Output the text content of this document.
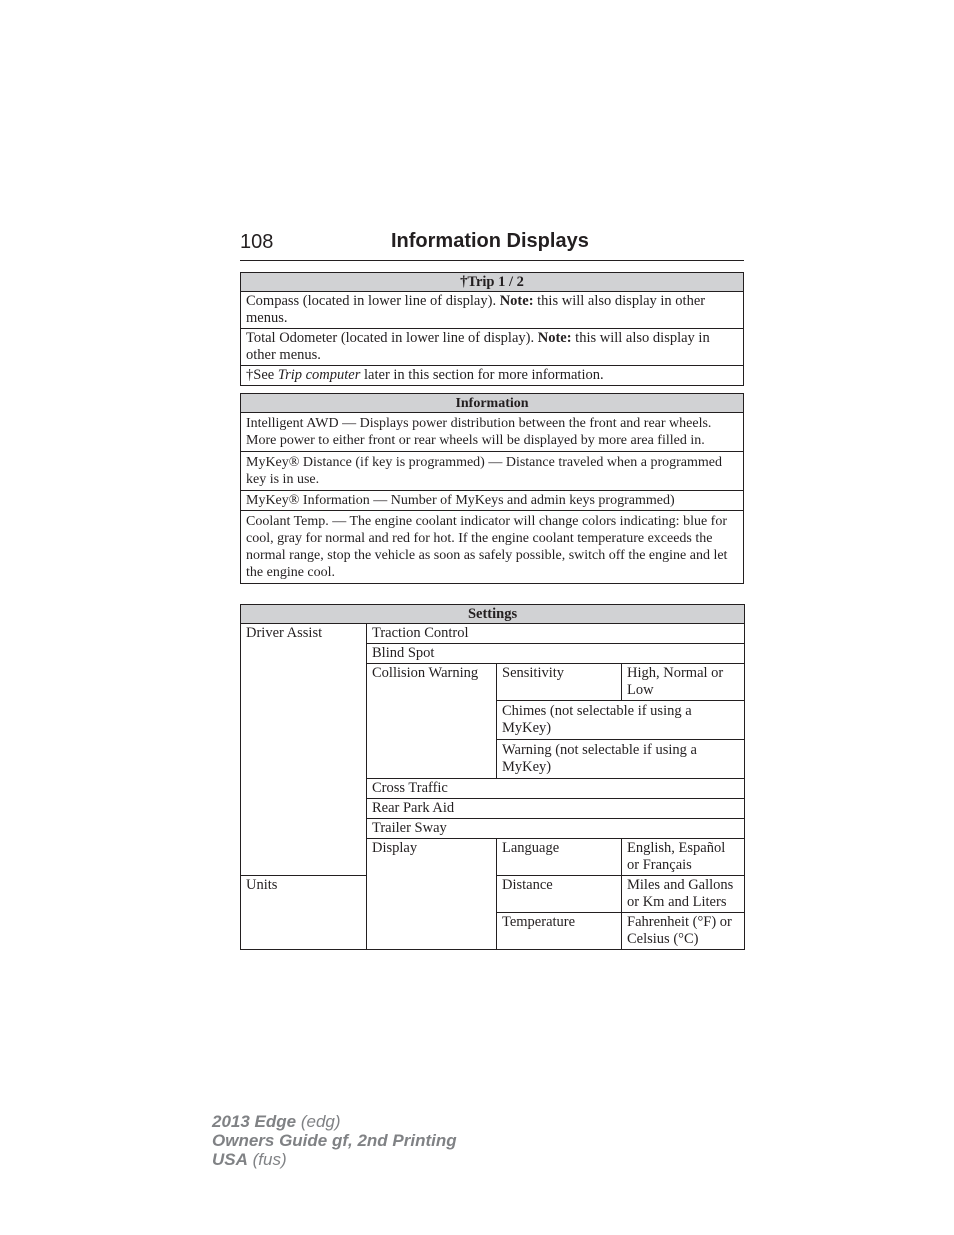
108	Information Displays
†Trip 1 / 2
Compass (located in lower line of display). Note: this will also display in other menus.
Total Odometer (located in lower line of display). Note: this will also display in other menus.
†See Trip computer later in this section for more information.
Information
Intelligent AWD — Displays power distribution between the front and rear wheels. More power to either front or rear wheels will be displayed by more area filled in.
MyKey® Distance (if key is programmed) — Distance traveled when a programmed key is in use.
MyKey® Information — Number of MyKeys and admin keys programmed)
Coolant Temp. — The engine coolant indicator will change colors indicating: blue for cool, gray for normal and red for hot. If the engine coolant temperature exceeds the normal range, stop the vehicle as soon as safely possible, switch off the engine and let the engine cool.
Settings			
Driver Assist	Traction Control		
	Blind Spot		
	Collision Warning	Sensitivity	High, Normal or Low
		Chimes (not selectable if using a MyKey)	
		Warning (not selectable if using a MyKey)	
	Cross Traffic		
	Rear Park Aid		
	Trailer Sway		
	Display	Language	English, Español or Français
Units		Distance	Miles and Gallons or Km and Liters
		Temperature	Fahrenheit (°F) or Celsius (°C)
2013 Edge (edg)
Owners Guide gf, 2nd Printing
USA (fus)
